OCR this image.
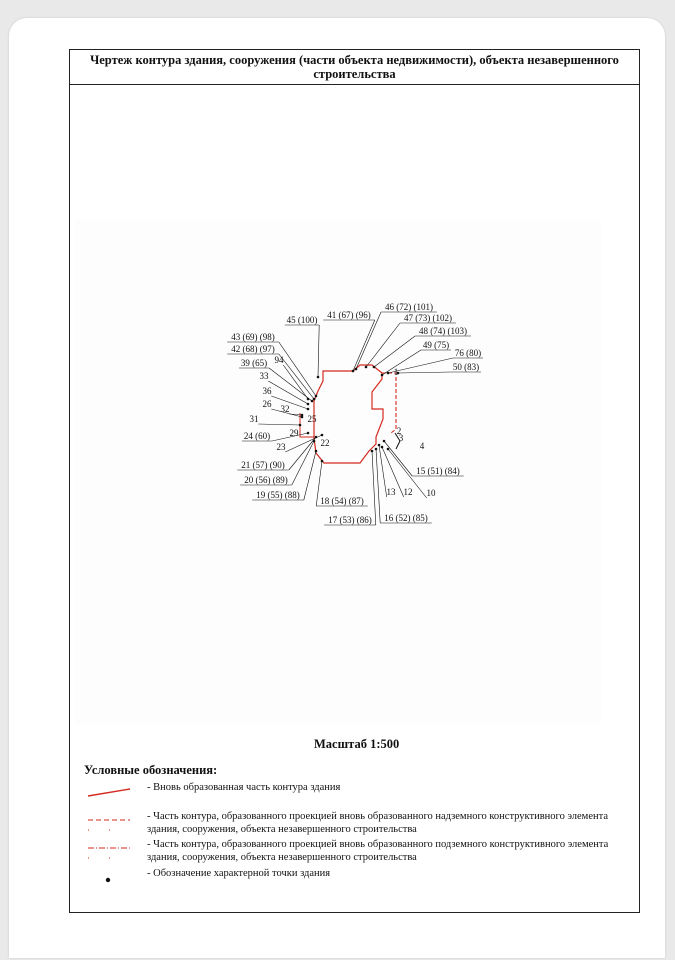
Чертеж контура здания, сооружения (части объекта недвижимости), объекта незавершенного строительства
45 (100) 41 (67) (96)
46 (72) (101)
47 (73) (102)
48 (74) (103)
43 (69) (98)
42 (68) (97)	49 (75)
76 (80)
39 (65) 94
50 (83)
33	1
36
26 32
31	25
2
24 (60) 29	3
4
23	22
21 (57) (90)
15 (51) (84)
20 (56) (89)
13 12 10
19 (55) (88)
18 (54) (87)
17 (53) (86) 16 (52) (85)
Масштаб 1:500
Условные обозначения:
- Вновь образованная часть контура здания
- Часть контура, образованного проекцией вновь образованного надземного конструктивного элемента здания, сооружения, объекта незавершенного строительства
- Часть контура, образованного проекцией вновь образованного подземного конструктивного элемента здания, сооружения, объекта незавершенного строительства
- Обозначение характерной точки здания
